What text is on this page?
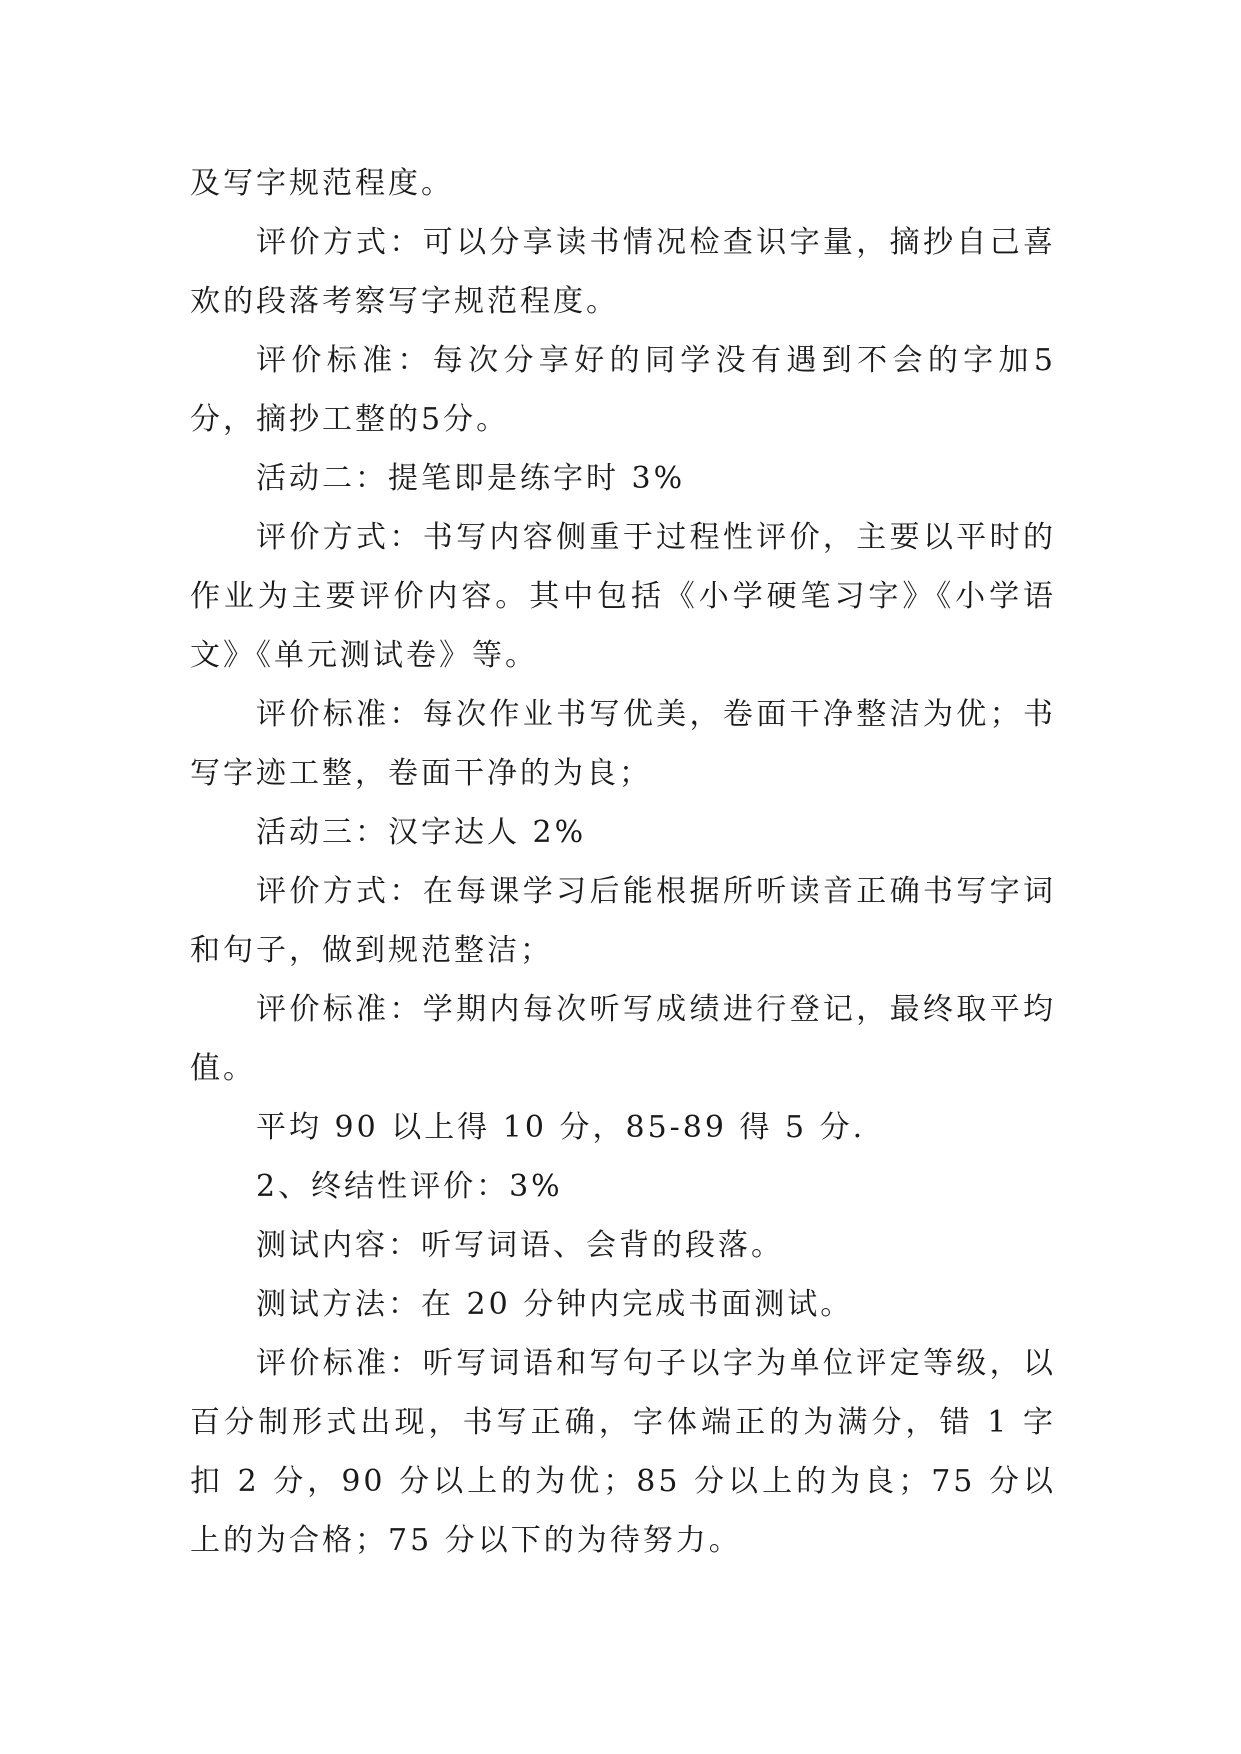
及写字规范程度。

评价方式：可以分享读书情况检查识字量，摘抄自己喜欢的段落考察写字规范程度。

评价标准：每次分享好的同学没有遇到不会的字加5分，摘抄工整的5分。

活动二：提笔即是练字时 3%

评价方式：书写内容侧重于过程性评价，主要以平时的作业为主要评价内容。其中包括《小学硬笔习字》《小学语文》《单元测试卷》等。

评价标准：每次作业书写优美，卷面干净整洁为优；书写字迹工整，卷面干净的为良；

活动三：汉字达人 2%

评价方式：在每课学习后能根据所听读音正确书写字词和句子，做到规范整洁；

评价标准：学期内每次听写成绩进行登记，最终取平均值。

平均 90 以上得 10 分，85-89 得 5 分.

2、终结性评价：3%

测试内容：听写词语、会背的段落。

测试方法：在 20 分钟内完成书面测试。

评价标准：听写词语和写句子以字为单位评定等级，以百分制形式出现，书写正确，字体端正的为满分，错 1 字扣 2 分，90 分以上的为优；85 分以上的为良；75 分以上的为合格；75 分以下的为待努力。
